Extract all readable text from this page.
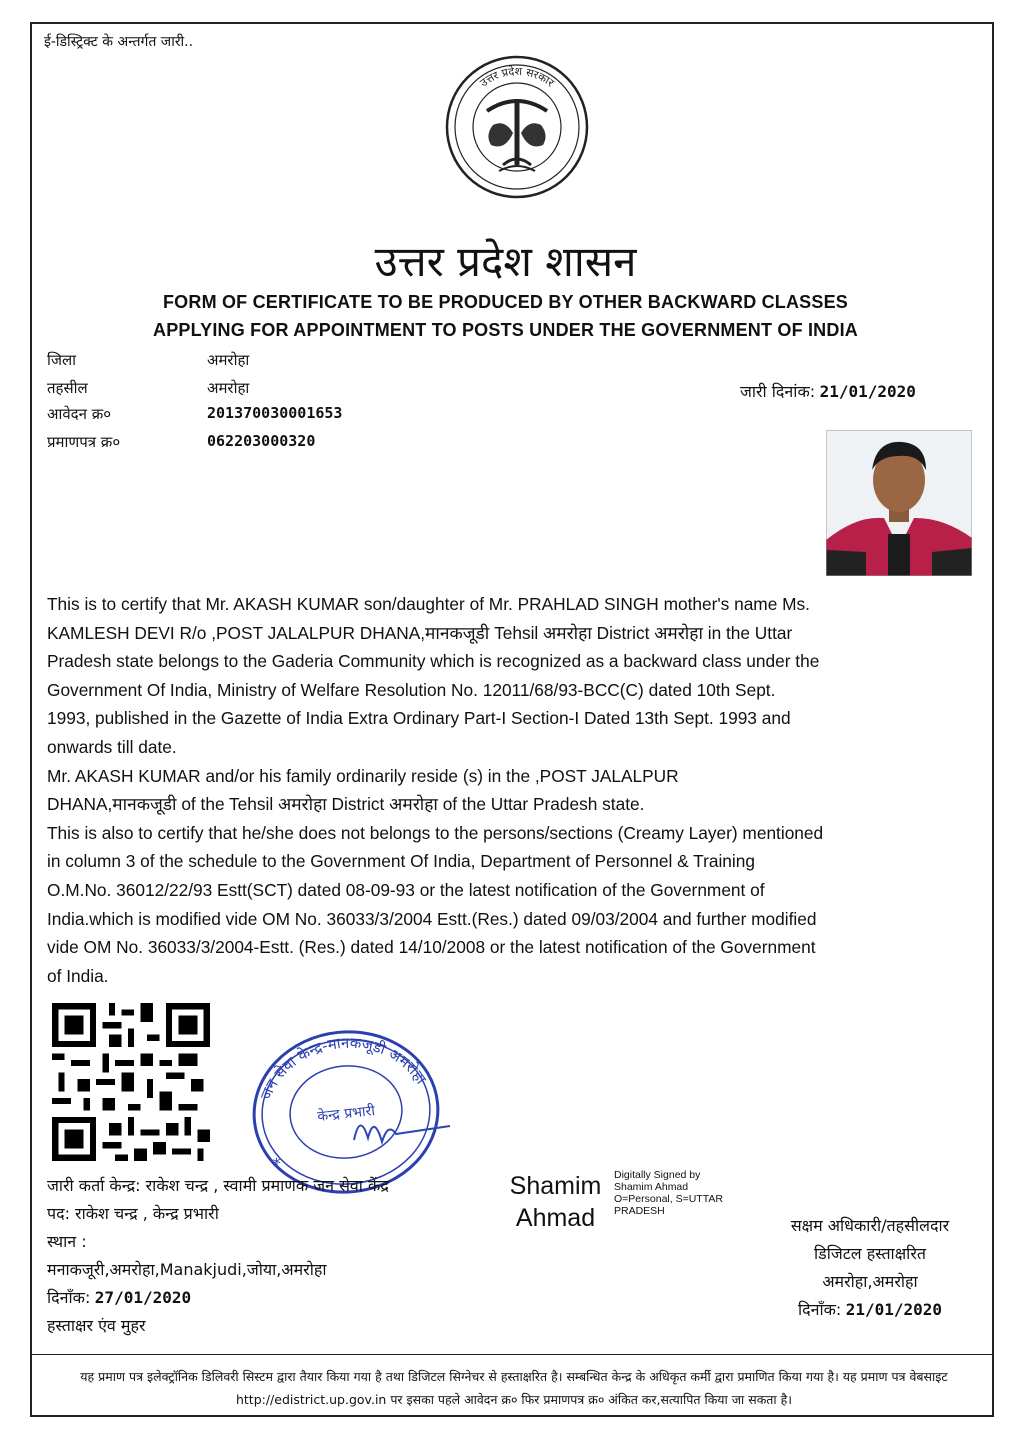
ई-डिस्ट्रिक्ट के अन्तर्गत जारी..
उत्तर प्रदेश सरकार
उत्तर प्रदेश शासन
FORM OF CERTIFICATE TO BE PRODUCED BY OTHER BACKWARD CLASSES
APPLYING FOR APPOINTMENT TO POSTS UNDER THE GOVERNMENT OF INDIA
जिला	अमरोहा
तहसील	अमरोहा
आवेदन क्र०	201370030001653
प्रमाणपत्र क्र०	062203000320
जारी दिनांक: 21/01/2020
This is to certify that Mr. AKASH KUMAR son/daughter of Mr. PRAHLAD SINGH mother's name Ms.
KAMLESH DEVI R/o ,POST JALALPUR DHANA,मानकजूडी Tehsil अमरोहा District अमरोहा in the Uttar
Pradesh state belongs to the Gaderia Community which is recognized as a backward class under the
Government Of India, Ministry of Welfare Resolution No. 12011/68/93-BCC(C) dated 10th Sept.
1993, published in the Gazette of India Extra Ordinary Part-I Section-I Dated 13th Sept. 1993 and
onwards till date.
Mr. AKASH KUMAR and/or his family ordinarily reside (s) in the ,POST JALALPUR
DHANA,मानकजूडी of the Tehsil अमरोहा District अमरोहा of the Uttar Pradesh state.
This is also to certify that he/she does not belongs to the persons/sections (Creamy Layer) mentioned
in column 3 of the schedule to the Government Of India, Department of Personnel & Training
O.M.No. 36012/22/93 Estt(SCT) dated 08-09-93 or the latest notification of the Government of
India.which is modified vide OM No. 36033/3/2004 Estt.(Res.) dated 09/03/2004 and further modified
vide OM No. 36033/3/2004-Estt. (Res.) dated 14/10/2008 or the latest notification of the Government
of India.
जन सेवा केन्द्र-मानकजूडी अमरोहा
केन्द्र प्रभारी
*
जारी कर्ता केन्द्र: राकेश चन्द्र , स्वामी प्रमाणक जन सेवा केंद्र
पद: राकेश चन्द्र , केन्द्र प्रभारी
स्थान :
मनाकजूरी,अमरोहा,Manakjudi,जोया,अमरोहा
दिनाँक: 27/01/2020
हस्ताक्षर एंव मुहर
Shamim
Ahmad
Digitally Signed by
Shamim Ahmad
O=Personal, S=UTTAR
PRADESH
सक्षम अधिकारी/तहसीलदार
डिजिटल हस्ताक्षरित
अमरोहा,अमरोहा
दिनाँक: 21/01/2020
यह प्रमाण पत्र इलेक्ट्रॉनिक डिलिवरी सिस्टम द्वारा तैयार किया गया है तथा डिजिटल सिग्नेचर से हस्ताक्षरित है। सम्बन्धित केन्द्र के अधिकृत कर्मी द्वारा प्रमाणित किया गया है। यह प्रमाण पत्र वेबसाइट http://edistrict.up.gov.in पर इसका पहले आवेदन क्र० फिर प्रमाणपत्र क्र० अंकित कर,सत्यापित किया जा सकता है।
